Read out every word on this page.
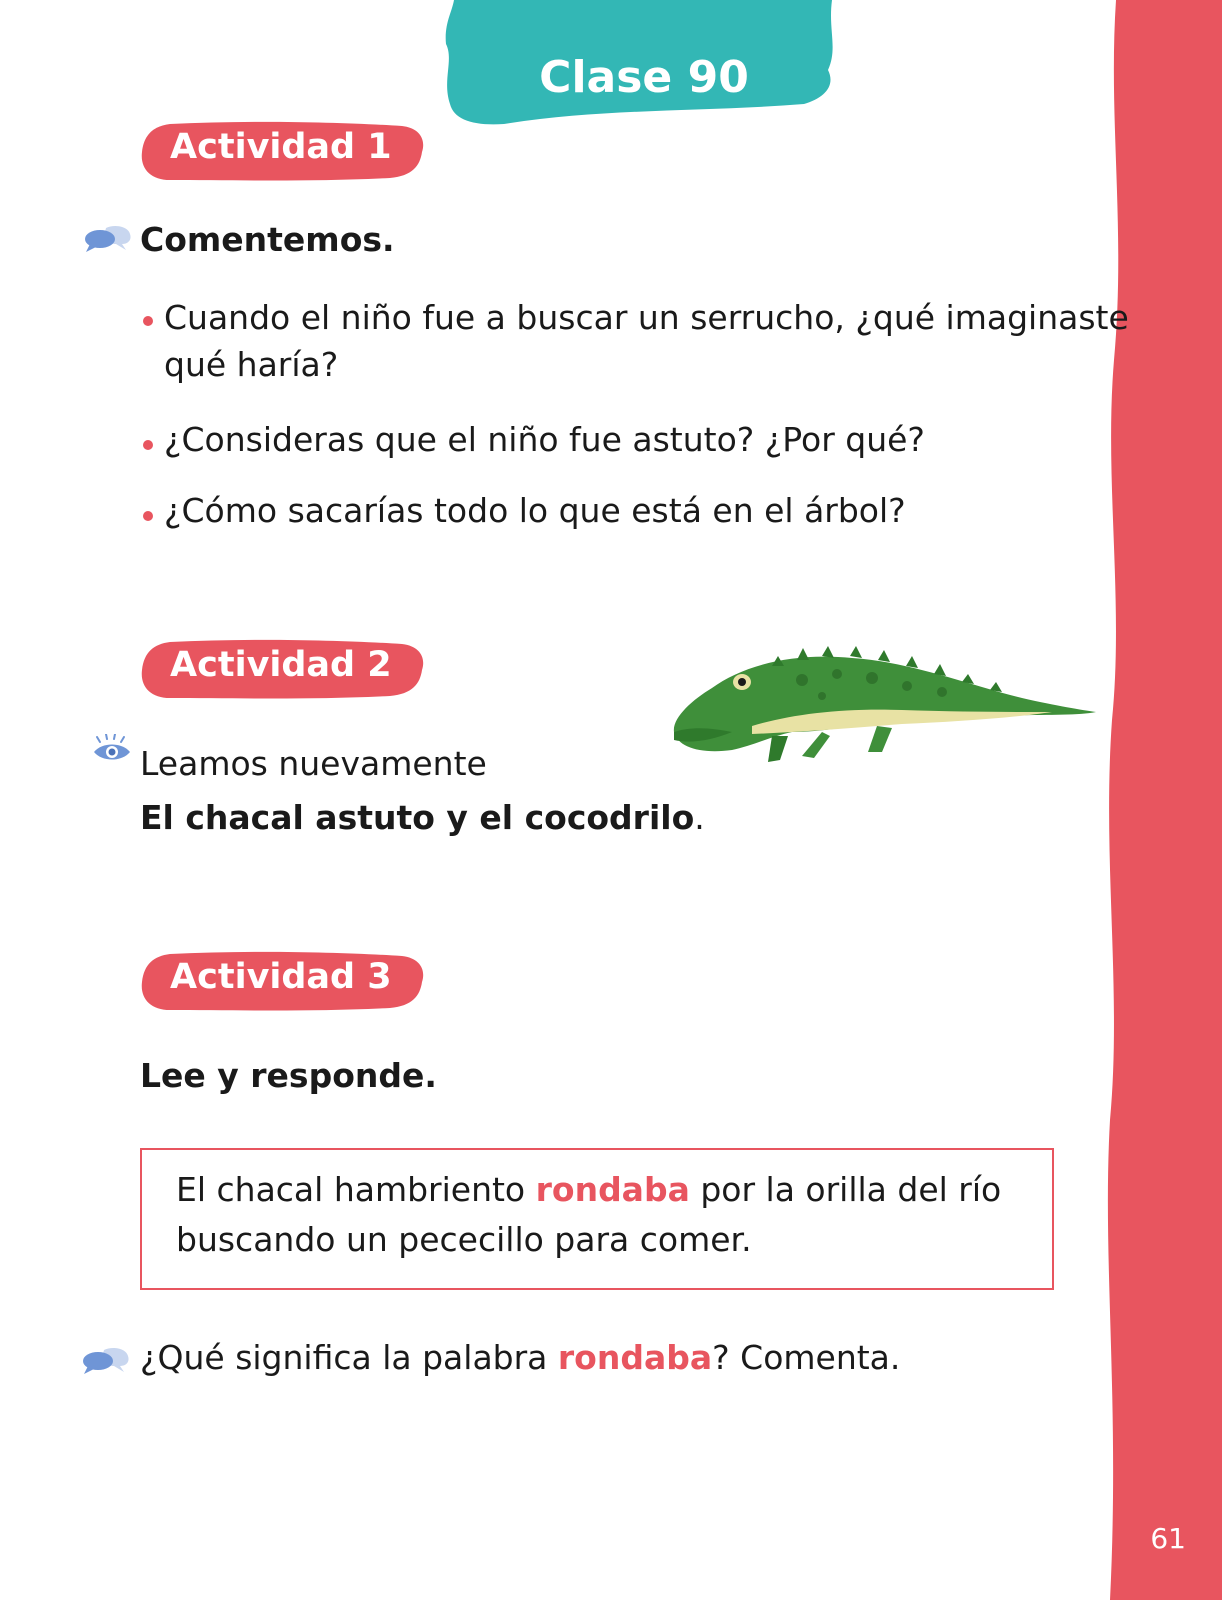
61
Clase 90
Actividad 1
Comentemos.
Cuando el niño fue a buscar un serrucho, ¿qué imaginaste
qué haría?
¿Consideras que el niño fue astuto? ¿Por qué?
¿Cómo sacarías todo lo que está en el árbol?
Actividad 2
Leamos nuevamente
El chacal astuto y el cocodrilo.
Actividad 3
Lee y responde.
El chacal hambriento rondaba por la orilla del río
buscando un pececillo para comer.
¿Qué significa la palabra rondaba? Comenta.
